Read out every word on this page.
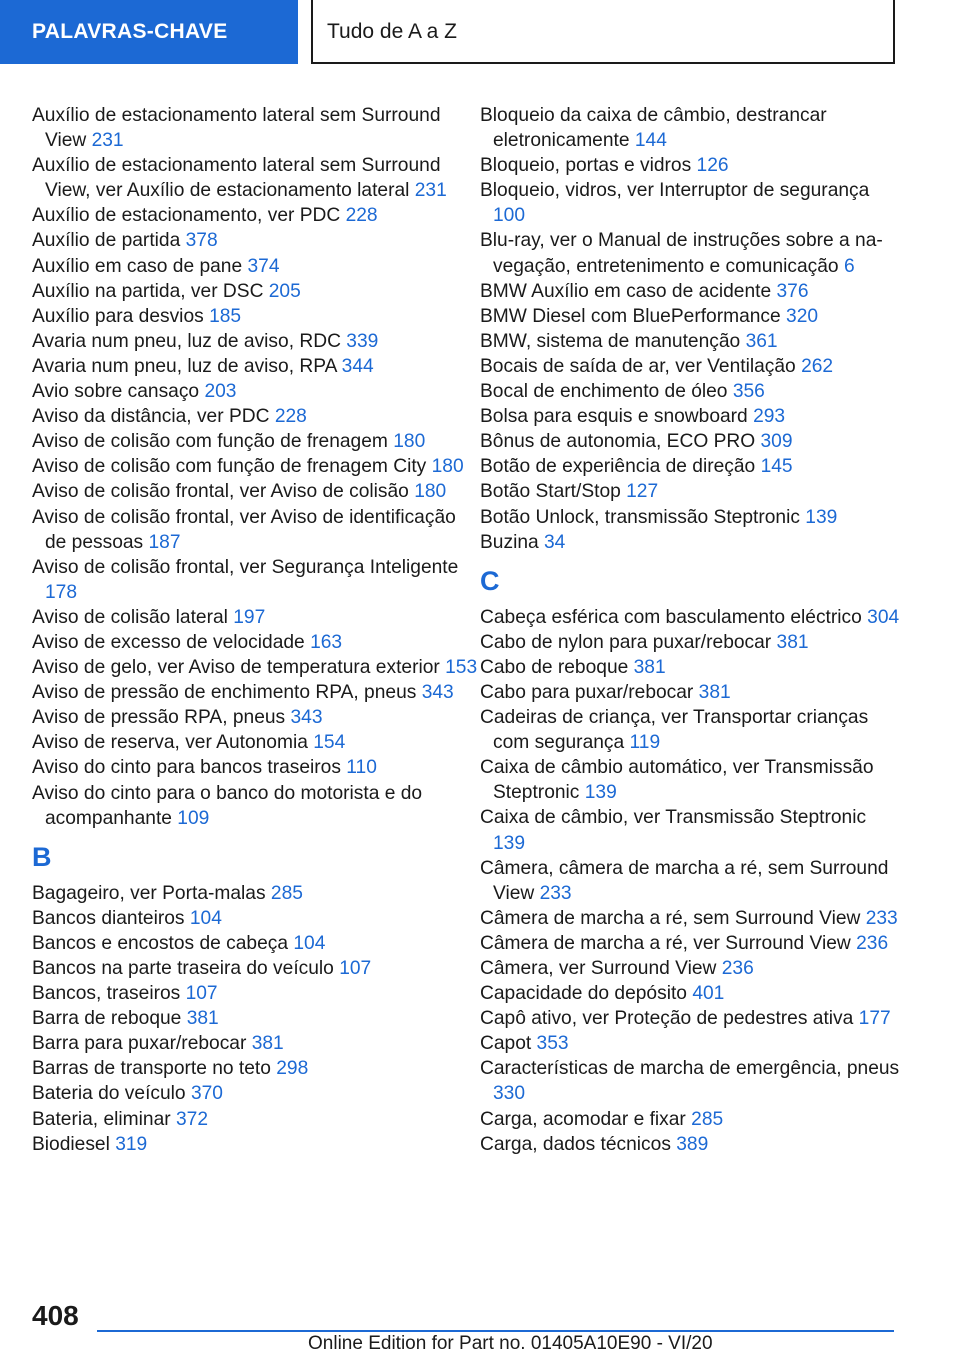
PALAVRAS-CHAVE	Tudo de A a Z
Auxílio de estacionamento lateral sem Surround View 231
Auxílio de estacionamento lateral sem Surround View, ver Auxílio de estacionamento lateral 231
Auxílio de estacionamento, ver PDC 228
Auxílio de partida 378
Auxílio em caso de pane 374
Auxílio na partida, ver DSC 205
Auxílio para desvios 185
Avaria num pneu, luz de aviso, RDC 339
Avaria num pneu, luz de aviso, RPA 344
Avio sobre cansaço 203
Aviso da distância, ver PDC 228
Aviso de colisão com função de frenagem 180
Aviso de colisão com função de frenagem City 180
Aviso de colisão frontal, ver Aviso de colisão 180
Aviso de colisão frontal, ver Aviso de identificação de pessoas 187
Aviso de colisão frontal, ver Segurança Inteligente 178
Aviso de colisão lateral 197
Aviso de excesso de velocidade 163
Aviso de gelo, ver Aviso de temperatura exterior 153
Aviso de pressão de enchimento RPA, pneus 343
Aviso de pressão RPA, pneus 343
Aviso de reserva, ver Autonomia 154
Aviso do cinto para bancos traseiros 110
Aviso do cinto para o banco do motorista e do acompanhante 109
B
Bagageiro, ver Porta-malas 285
Bancos dianteiros 104
Bancos e encostos de cabeça 104
Bancos na parte traseira do veículo 107
Bancos, traseiros 107
Barra de reboque 381
Barra para puxar/rebocar 381
Barras de transporte no teto 298
Bateria do veículo 370
Bateria, eliminar 372
Biodiesel 319
Bloqueio da caixa de câmbio, destrancar eletronicamente 144
Bloqueio, portas e vidros 126
Bloqueio, vidros, ver Interruptor de segurança 100
Blu-ray, ver o Manual de instruções sobre a navegação, entretenimento e comunicação 6
BMW Auxílio em caso de acidente 376
BMW Diesel com BluePerformance 320
BMW, sistema de manutenção 361
Bocais de saída de ar, ver Ventilação 262
Bocal de enchimento de óleo 356
Bolsa para esquis e snowboard 293
Bônus de autonomia, ECO PRO 309
Botão de experiência de direção 145
Botão Start/Stop 127
Botão Unlock, transmissão Steptronic 139
Buzina 34
C
Cabeça esférica com basculamento eléctrico 304
Cabo de nylon para puxar/rebocar 381
Cabo de reboque 381
Cabo para puxar/rebocar 381
Cadeiras de criança, ver Transportar crianças com segurança 119
Caixa de câmbio automático, ver Transmissão Steptronic 139
Caixa de câmbio, ver Transmissão Steptronic 139
Câmera, câmera de marcha a ré, sem Surround View 233
Câmera de marcha a ré, sem Surround View 233
Câmera de marcha a ré, ver Surround View 236
Câmera, ver Surround View 236
Capacidade do depósito 401
Capô ativo, ver Proteção de pedestres ativa 177
Capot 353
Características de marcha de emergência, pneus 330
Carga, acomodar e fixar 285
Carga, dados técnicos 389
408
Online Edition for Part no. 01405A10E90 - VI/20
